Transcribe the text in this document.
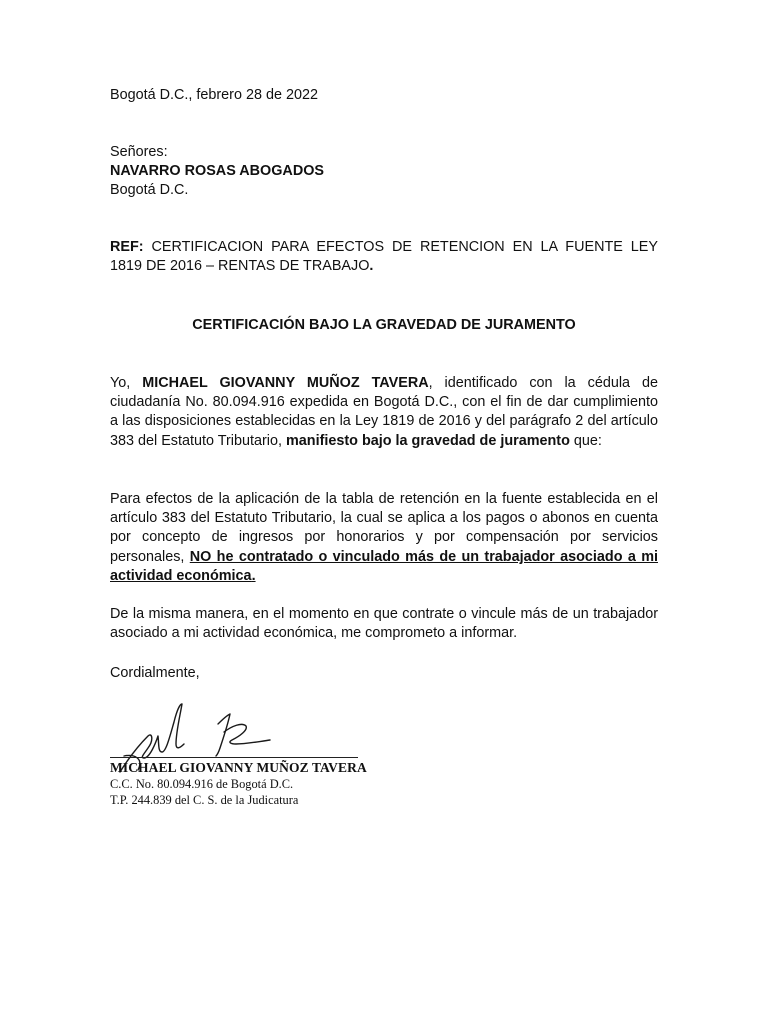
Bogotá D.C., febrero 28 de 2022

Señores:
NAVARRO ROSAS ABOGADOS
Bogotá D.C.

REF: CERTIFICACION PARA EFECTOS DE RETENCION EN LA FUENTE LEY 1819 DE 2016 – RENTAS DE TRABAJO.

CERTIFICACIÓN BAJO LA GRAVEDAD DE JURAMENTO

Yo, MICHAEL GIOVANNY MUÑOZ TAVERA, identificado con la cédula de ciudadanía No. 80.094.916 expedida en Bogotá D.C., con el fin de dar cumplimiento a las disposiciones establecidas en la Ley 1819 de 2016 y del parágrafo 2 del artículo 383 del Estatuto Tributario, manifiesto bajo la gravedad de juramento que:

Para efectos de la aplicación de la tabla de retención en la fuente establecida en el artículo 383 del Estatuto Tributario, la cual se aplica a los pagos o abonos en cuenta por concepto de ingresos por honorarios y por compensación por servicios personales, NO he contratado o vinculado más de un trabajador asociado a mi actividad económica.

De la misma manera, en el momento en que contrate o vincule más de un trabajador asociado a mi actividad económica, me comprometo a informar.

Cordialmente,

MICHAEL GIOVANNY MUÑOZ TAVERA
C.C. No. 80.094.916 de Bogotá D.C.
T.P. 244.839 del C. S. de la Judicatura
